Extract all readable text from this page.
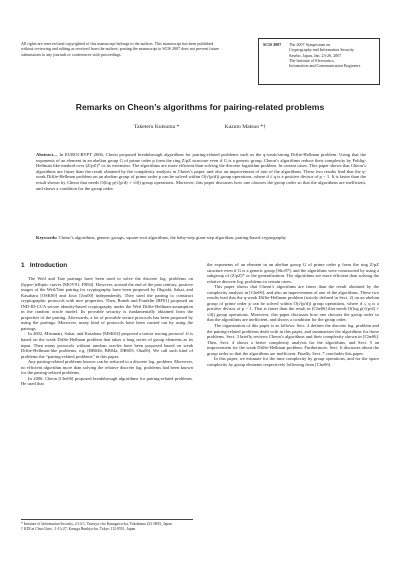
All rights are reserved and copyrighted of this manuscript belongs to the authors. This manuscript has been published without reviewing and editing as received from the authors: posting the manuscript to SCIS 2007 does not prevent future submissions to any journals or conferences with proceedings.
SCIS 2007	The 2007 Symposium on
Cryptography and Information Security
Sasebo, Japan, Jan. 23-26, 2007
The Institute of Electronics,
Information and Communication Engineers
Remarks on Cheon’s algorithms for pairing-related problems
Taketeru Kutsuma *	Kazuto Matsuo *†
Abstract— In EUROCRYPT 2006, Cheon proposed breakthrough algorithms for pairing-related problems such as the q-weak/strong Diffie-Hellman problem. Using that the exponents of an element in an abelian group G of prime order p form the ring Z/pZ structure even if G is a generic group, Cheon’s algorithms reduce their complexity by Pohlig-Hellman like method over (Z/pZ)* or its extension. The algorithms are more efficient than solving the discrete logarithm problem. In certain cases. This paper shows that Cheon’s algorithms are faster than the result obtained by the complexity analysis in Cheon’s paper, and also an improvement of one of the algorithms. These two results lead that the q-weak Diffie-Hellman problem on an abelian group of prime order p can be solved within O(√(p/d)) group operations, where d ≤ q is a positive divisor of p − 1. It is faster than the result shown by Cheon that needs O(log p(√(p/d) + √d)) group operations. Moreover, this paper discusses how one chooses the group order so that the algorithms are inefficient, and shows a condition for the group order.
Keywords: Cheon’s algorithms, generic groups, square-root algorithms, the baby-step giant-step algorithm, pairing-based cryptography
1 Introduction

The Weil and Tate pairings have been used to solve the discrete log. problems on (hyper-)elliptic curves [MOV91, FR94]. However, around the end of the past century, positive usages of the Weil/Tate pairing for cryptography have been proposed by Ohgishi, Sakai, and Kasahara [OSK00] and Joux [Jou00] independently. They used the pairing to construct cryptographic protocols with nice properties. Then, Boneh and Franklin [BF01] proposed an IND-ID-CCA secure identity-based cryptography under the Weil Diffie-Hellman assumption in the random oracle model. Its provable security is fundamentally obtained from the properties of the pairing. Afterwards, a lot of provable secure protocols has been proposed by using the pairings. Moreover, many kind of protocols have been carried out by using the pairings.

In 2002, Mitsunari, Sakai, and Kasahara [MSK02] proposed a traitor tracing protocol. It is based on the weak Diffie-Hellman problem that takes a long series of group elements as its input. Then many protocols without random oracles have been proposed based on weak Diffie-Hellman-like problems, e.g. [BB04b, BB04a, DBS05, Oka06]. We call such kind of problems the “pairing-related problems” in this paper.

Any pairing-related problems known can be reduced to a discrete log. problem. Moreover, no efficient algorithm more than solving the relative discrete log. problems had been known for the pairing-related problems.

In 2006, Cheon [Che06] proposed breakthrough algorithms for pairing-related problems. He used that

the exponents of an element in an abelian group G of prime order p form the ring Z/pZ structure even if G is a generic group [Sho97], and the algorithms were constructed by using a subgroup of (Z/pZ)* or the generalization. The algorithms are more efficient than solving the relative discrete log. problems in certain cases.

This paper shows that Cheon’s algorithms are faster than the result obtained by the complexity analysis in [Che06], and also an improvement of one of the algorithms. These two results lead that the q-weak Diffie-Hellman problem (strictly defined in Sect. 2) on an abelian group of prime order p can be solved within O(√(p/d)) group operations, where d ≤ q is a positive divisor of p − 1. That is faster than the result in [Che06] that needs O(log p(√(p/d) + √d)) group operations. Moreover, this paper discusses how one chooses the group order so that the algorithms are inefficient, and shows a condition for the group order.

The organization of this paper is as follows: Sect. 2 defines the discrete log. problem and the pairing-related problems dealt with in this paper, and summarizes the algorithms for those problems. Sect. 3 briefly reviews Cheon’s algorithms and their complexity shown in [Che06]. Then, Sect. 4 shows a better complexity analysis for the algorithms, and Sect. 5 an improvement for the weak Diffie-Hellman problem. Furthermore, Sect. 6 discusses about the group order so that the algorithms are inefficient. Finally, Sect. 7 concludes this paper.

In this paper, we estimate for the time complexity by group operations, and for the space complexity by group elements respectively following from [Che06].

* Institute of Information Security, 2-14-1, Tsuruya-cho Kanagawa-ku, Yokohama 221-0835, Japan
† KDI at Chuo Univ., 1-13-27, Kasuga Bunkyo-ku, Tokyo 112-8551, Japan
